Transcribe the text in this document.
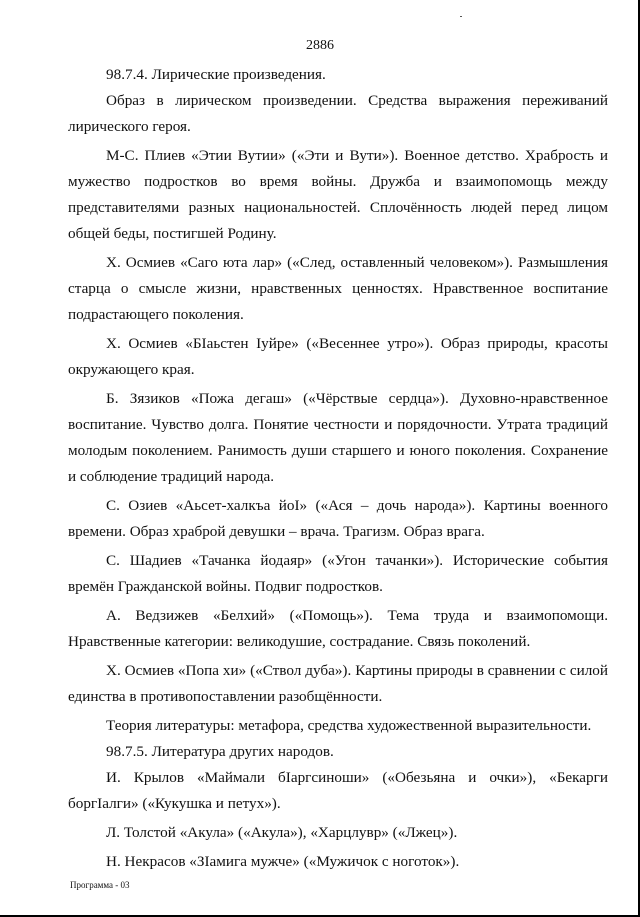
2886

98.7.4. Лирические произведения.

Образ в лирическом произведении. Средства выражения переживаний лирического героя.

М-С. Плиев «Этии Вутии» («Эти и Вути»). Военное детство. Храбрость и мужество подростков во время войны. Дружба и взаимопомощь между представителями разных национальностей. Сплочённость людей перед лицом общей беды, постигшей Родину.

Х. Осмиев «Саго юта лар» («След, оставленный человеком»). Размышления старца о смысле жизни, нравственных ценностях. Нравственное воспитание подрастающего поколения.

Х. Осмиев «БIаьстен Iуйре» («Весеннее утро»). Образ природы, красоты окружающего края.

Б. Зязиков «Пожа дегаш» («Чёрствые сердца»). Духовно-нравственное воспитание. Чувство долга. Понятие честности и порядочности. Утрата традиций молодым поколением. Ранимость души старшего и юного поколения. Сохранение и соблюдение традиций народа.

С. Озиев «Аьсет-халкъа йоI» («Ася – дочь народа»). Картины военного времени. Образ храброй девушки – врача. Трагизм. Образ врага.

С. Шадиев «Тачанка йодаяр» («Угон тачанки»). Исторические события времён Гражданской войны. Подвиг подростков.

А. Ведзижев «Белхий» («Помощь»). Тема труда и взаимопомощи. Нравственные категории: великодушие, сострадание. Связь поколений.

Х. Осмиев «Попа хи» («Ствол дуба»). Картины природы в сравнении с силой единства в противопоставлении разобщённости.

Теория литературы: метафора, средства художественной выразительности.

98.7.5. Литература других народов.

И. Крылов «Маймали бIаргсиноши» («Обезьяна и очки»), «Бекарги боргIалги» («Кукушка и петух»).

Л. Толстой «Акула» («Акула»), «Харцлувр» («Лжец»).

Н. Некрасов «ЗIамига мужче» («Мужичок с ноготок»).

Программа - 03
